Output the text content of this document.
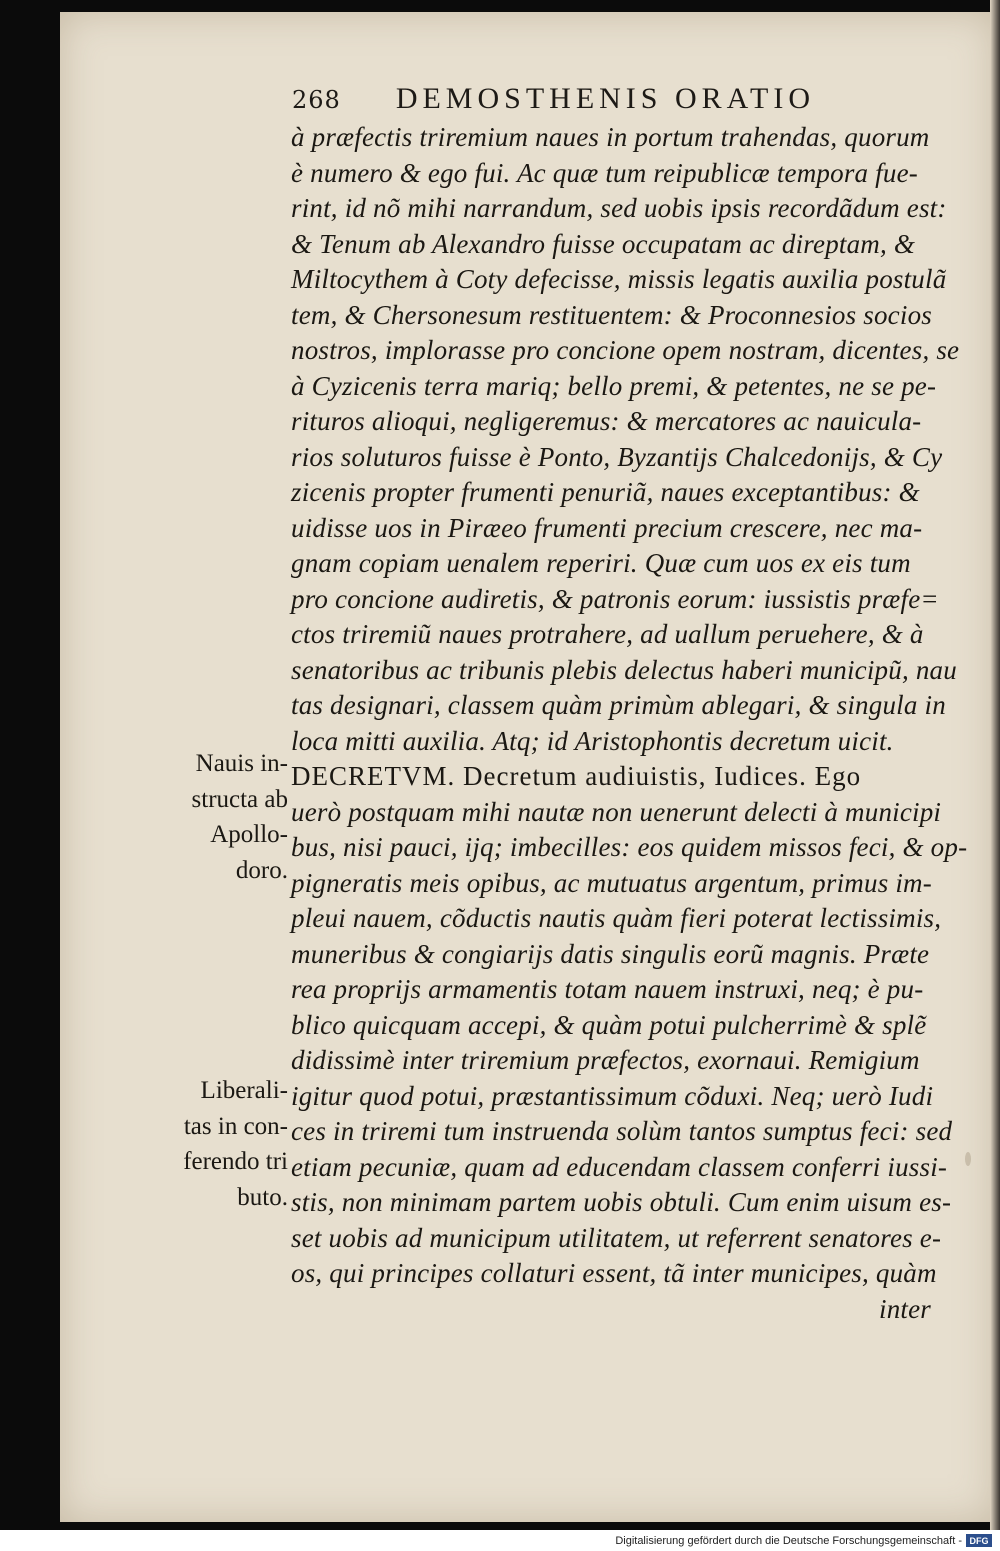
268 DEMOSTHENIS ORATIO
à præfectis triremium naues in portum trahendas, quorum
è numero & ego fui. Ac quæ tum reipublicæ tempora fue-
rint, id nõ mihi narrandum, sed uobis ipsis recordãdum est:
& Tenum ab Alexandro fuisse occupatam ac direptam, &
Miltocythem à Coty defecisse, missis legatis auxilia postulã
tem, & Chersonesum restituentem: & Proconnesios socios
nostros, implorasse pro concione opem nostram, dicentes, se
à Cyzicenis terra mariq; bello premi, & petentes, ne se pe-
rituros alioqui, negligeremus: & mercatores ac nauicula-
rios soluturos fuisse è Ponto, Byzantijs Chalcedonijs, & Cy
zicenis propter frumenti penuriã, naues exceptantibus: &
uidisse uos in Piræeo frumenti precium crescere, nec ma-
gnam copiam uenalem reperiri. Quæ cum uos ex eis tum
pro concione audiretis, & patronis eorum: iussistis præfe=
ctos triremiũ naues protrahere, ad uallum peruehere, & à
senatoribus ac tribunis plebis delectus haberi municipũ, nau
tas designari, classem quàm primùm ablegari, & singula in
loca mitti auxilia. Atq; id Aristophontis decretum uicit.
DECRETVM. Decretum audiuistis, Iudices. Ego
uerò postquam mihi nautæ non uenerunt delecti à municipi
bus, nisi pauci, ijq; imbecilles: eos quidem missos feci, & op-
pigneratis meis opibus, ac mutuatus argentum, primus im-
pleui nauem, cõductis nautis quàm fieri poterat lectissimis,
muneribus & congiarijs datis singulis eorũ magnis. Præte
rea proprijs armamentis totam nauem instruxi, neq; è pu-
blico quicquam accepi, & quàm potui pulcherrimè & splẽ
didissimè inter triremium præfectos, exornaui. Remigium
igitur quod potui, præstantissimum cõduxi. Neq; uerò Iudi
ces in triremi tum instruenda solùm tantos sumptus feci: sed
etiam pecuniæ, quam ad educendam classem conferri iussi-
stis, non minimam partem uobis obtuli. Cum enim uisum es-
set uobis ad municipum utilitatem, ut referrent senatores e-
os, qui principes collaturi essent, tã inter municipes, quàm
inter
Nauis in-
structa ab
Apollo-
doro.
Liberali-
tas in con-
ferendo tri
buto.
Digitalisierung gefördert durch die Deutsche Forschungsgemeinschaft - DFG
